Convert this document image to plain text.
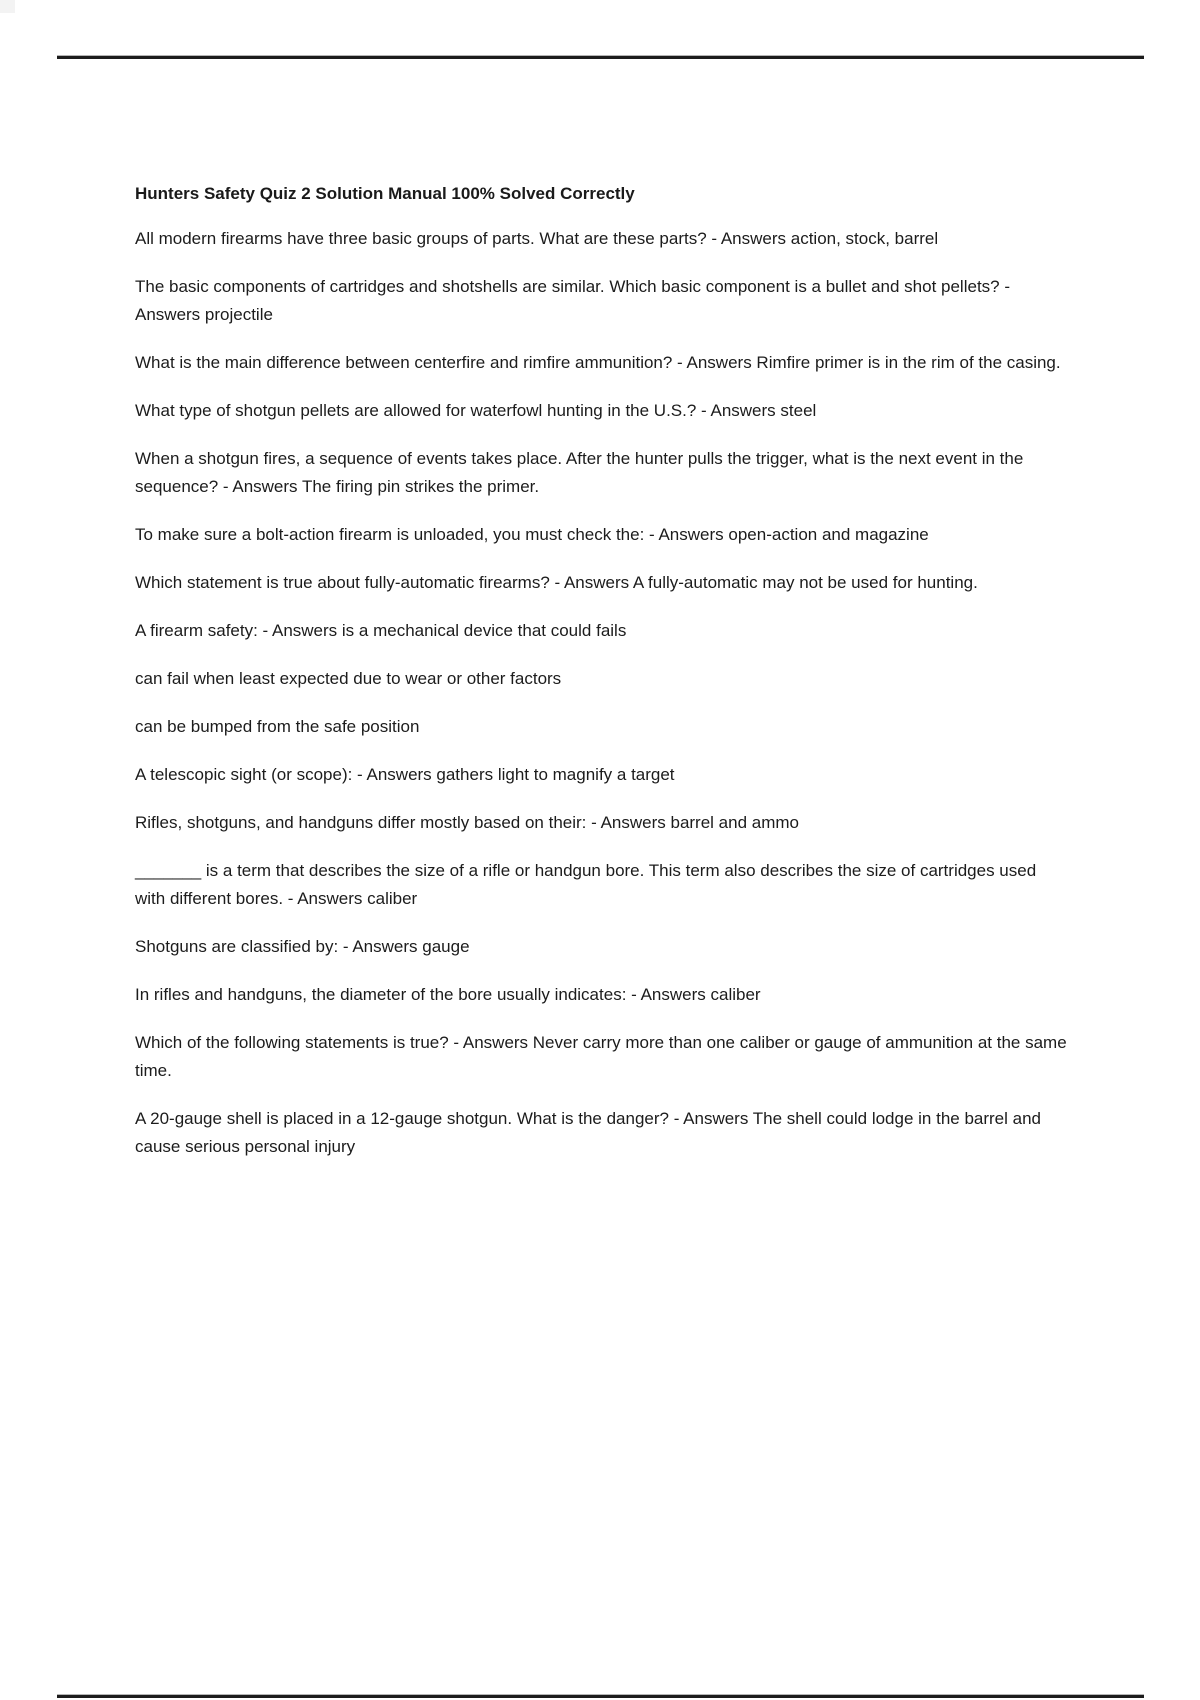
Hunters Safety Quiz 2 Solution Manual 100% Solved Correctly

All modern firearms have three basic groups of parts. What are these parts? - Answers action, stock, barrel

The basic components of cartridges and shotshells are similar. Which basic component is a bullet and shot pellets? - Answers projectile

What is the main difference between centerfire and rimfire ammunition? - Answers Rimfire primer is in the rim of the casing.

What type of shotgun pellets are allowed for waterfowl hunting in the U.S.? - Answers steel

When a shotgun fires, a sequence of events takes place. After the hunter pulls the trigger, what is the next event in the sequence? - Answers The firing pin strikes the primer.

To make sure a bolt-action firearm is unloaded, you must check the: - Answers open-action and magazine

Which statement is true about fully-automatic firearms? - Answers A fully-automatic may not be used for hunting.

A firearm safety: - Answers is a mechanical device that could fails

can fail when least expected due to wear or other factors

can be bumped from the safe position

A telescopic sight (or scope): - Answers gathers light to magnify a target

Rifles, shotguns, and handguns differ mostly based on their: - Answers barrel and ammo

_______ is a term that describes the size of a rifle or handgun bore. This term also describes the size of cartridges used with different bores. - Answers caliber

Shotguns are classified by: - Answers gauge

In rifles and handguns, the diameter of the bore usually indicates: - Answers caliber

Which of the following statements is true? - Answers Never carry more than one caliber or gauge of ammunition at the same time.

A 20-gauge shell is placed in a 12-gauge shotgun. What is the danger? - Answers The shell could lodge in the barrel and cause serious personal injury
